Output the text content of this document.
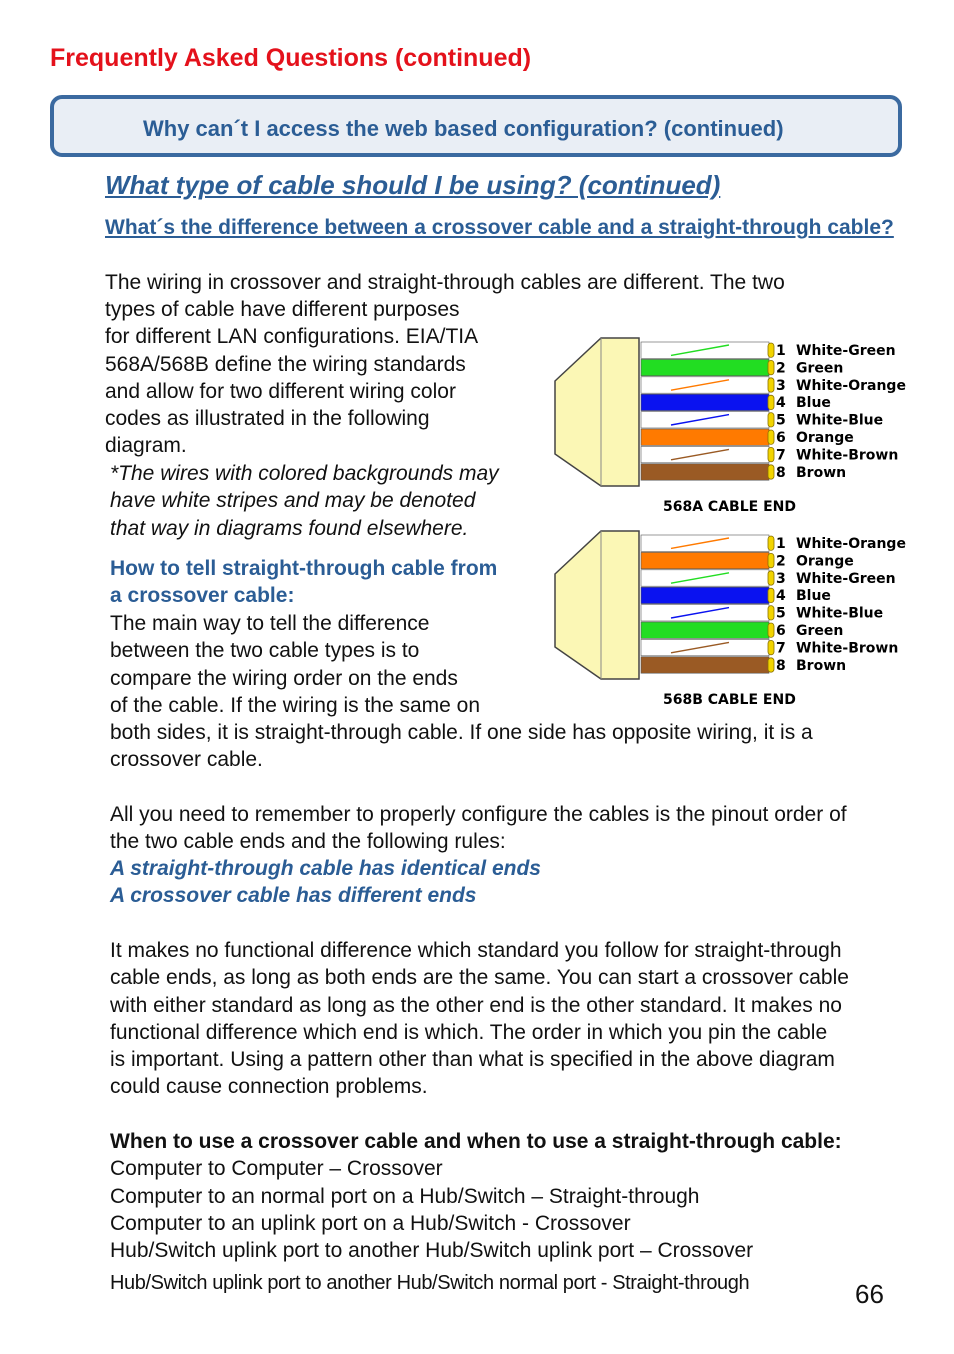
Frequently Asked Questions (continued)
Why can´t I access the web based configuration? (continued)
What type of cable should I be using? (continued)
What´s the difference between a crossover cable and a straight-through cable?
The wiring in crossover and straight-through cables are different. The two
types of cable have different purposes
for different LAN configurations. EIA/TIA
568A/568B define the wiring standards
and allow for two different wiring color
codes as illustrated in the following
diagram.
*The wires with colored backgrounds may
have white stripes and may be denoted
that way in diagrams found elsewhere.
How to tell straight-through cable from
a crossover cable:
The main way to tell the difference
between the two cable types is to
compare the wiring order on the ends
of the cable. If the wiring is the same on
both sides, it is straight-through cable. If one side has opposite wiring, it is a
crossover cable.
All you need to remember to properly configure the cables is the pinout order of
the two cable ends and the following rules:
A straight-through cable has identical ends
A crossover cable has different ends
It makes no functional difference which standard you follow for straight-through
cable ends, as long as both ends are the same. You can start a crossover cable
with either standard as long as the other end is the other standard. It makes no
functional difference which end is which. The order in which you pin the cable
is important. Using a pattern other than what is specified in the above diagram
could cause connection problems.
When to use a crossover cable and when to use a straight-through cable:
Computer to Computer – Crossover
Computer to an normal port on a Hub/Switch – Straight-through
Computer to an uplink port on a Hub/Switch - Crossover
Hub/Switch uplink port to another Hub/Switch uplink port – Crossover
Hub/Switch uplink port to another Hub/Switch normal port - Straight-through	66
1 White-Green
2 Green
3 White-Orange
4 Blue
5 White-Blue
6 Orange
7 White-Brown
8 Brown
568A CABLE END
1 White-Orange
2 Orange
3 White-Green
4 Blue
5 White-Blue
6 Green
7 White-Brown
8 Brown
568B CABLE END
